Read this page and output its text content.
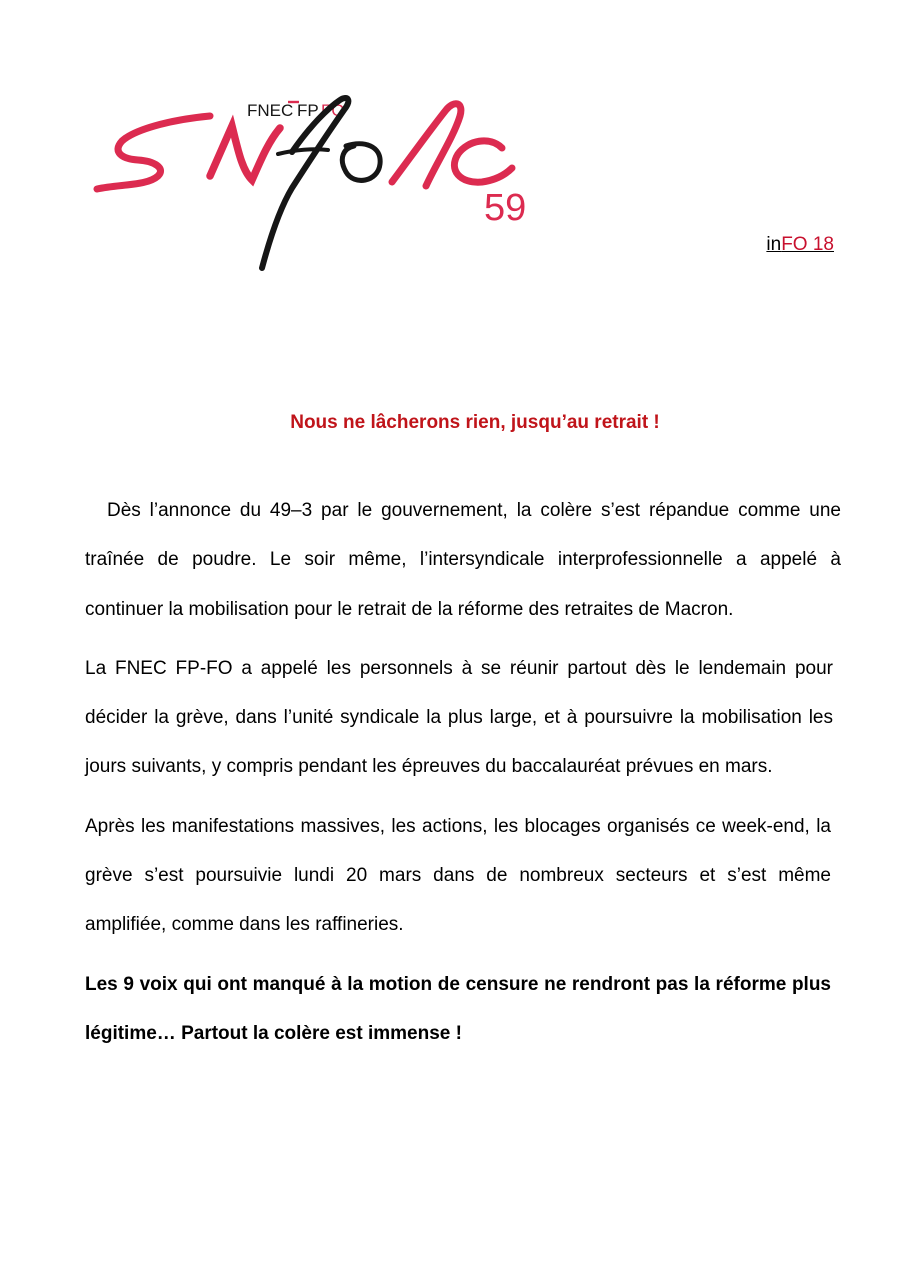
FNEC FP FO
59
inFO 18
Nous ne lâcherons rien, jusqu’au retrait !

Dès l’annonce du 49–3 par le gouvernement, la colère s’est répandue comme une traînée de poudre. Le soir même, l’intersyndicale interprofessionnelle a appelé à continuer la mobilisation pour le retrait de la réforme des retraites de Macron.

La FNEC FP-FO a appelé les personnels à se réunir partout dès le lendemain pour décider la grève, dans l’unité syndicale la plus large, et à poursuivre la mobilisation les jours suivants, y compris pendant les épreuves du baccalauréat prévues en mars.

Après les manifestations massives, les actions, les blocages organisés ce week-end, la grève s’est poursuivie lundi 20 mars dans de nombreux secteurs et s’est même amplifiée, comme dans les raffineries.

Les 9 voix qui ont manqué à la motion de censure ne rendront pas la réforme plus légitime… Partout la colère est immense !
